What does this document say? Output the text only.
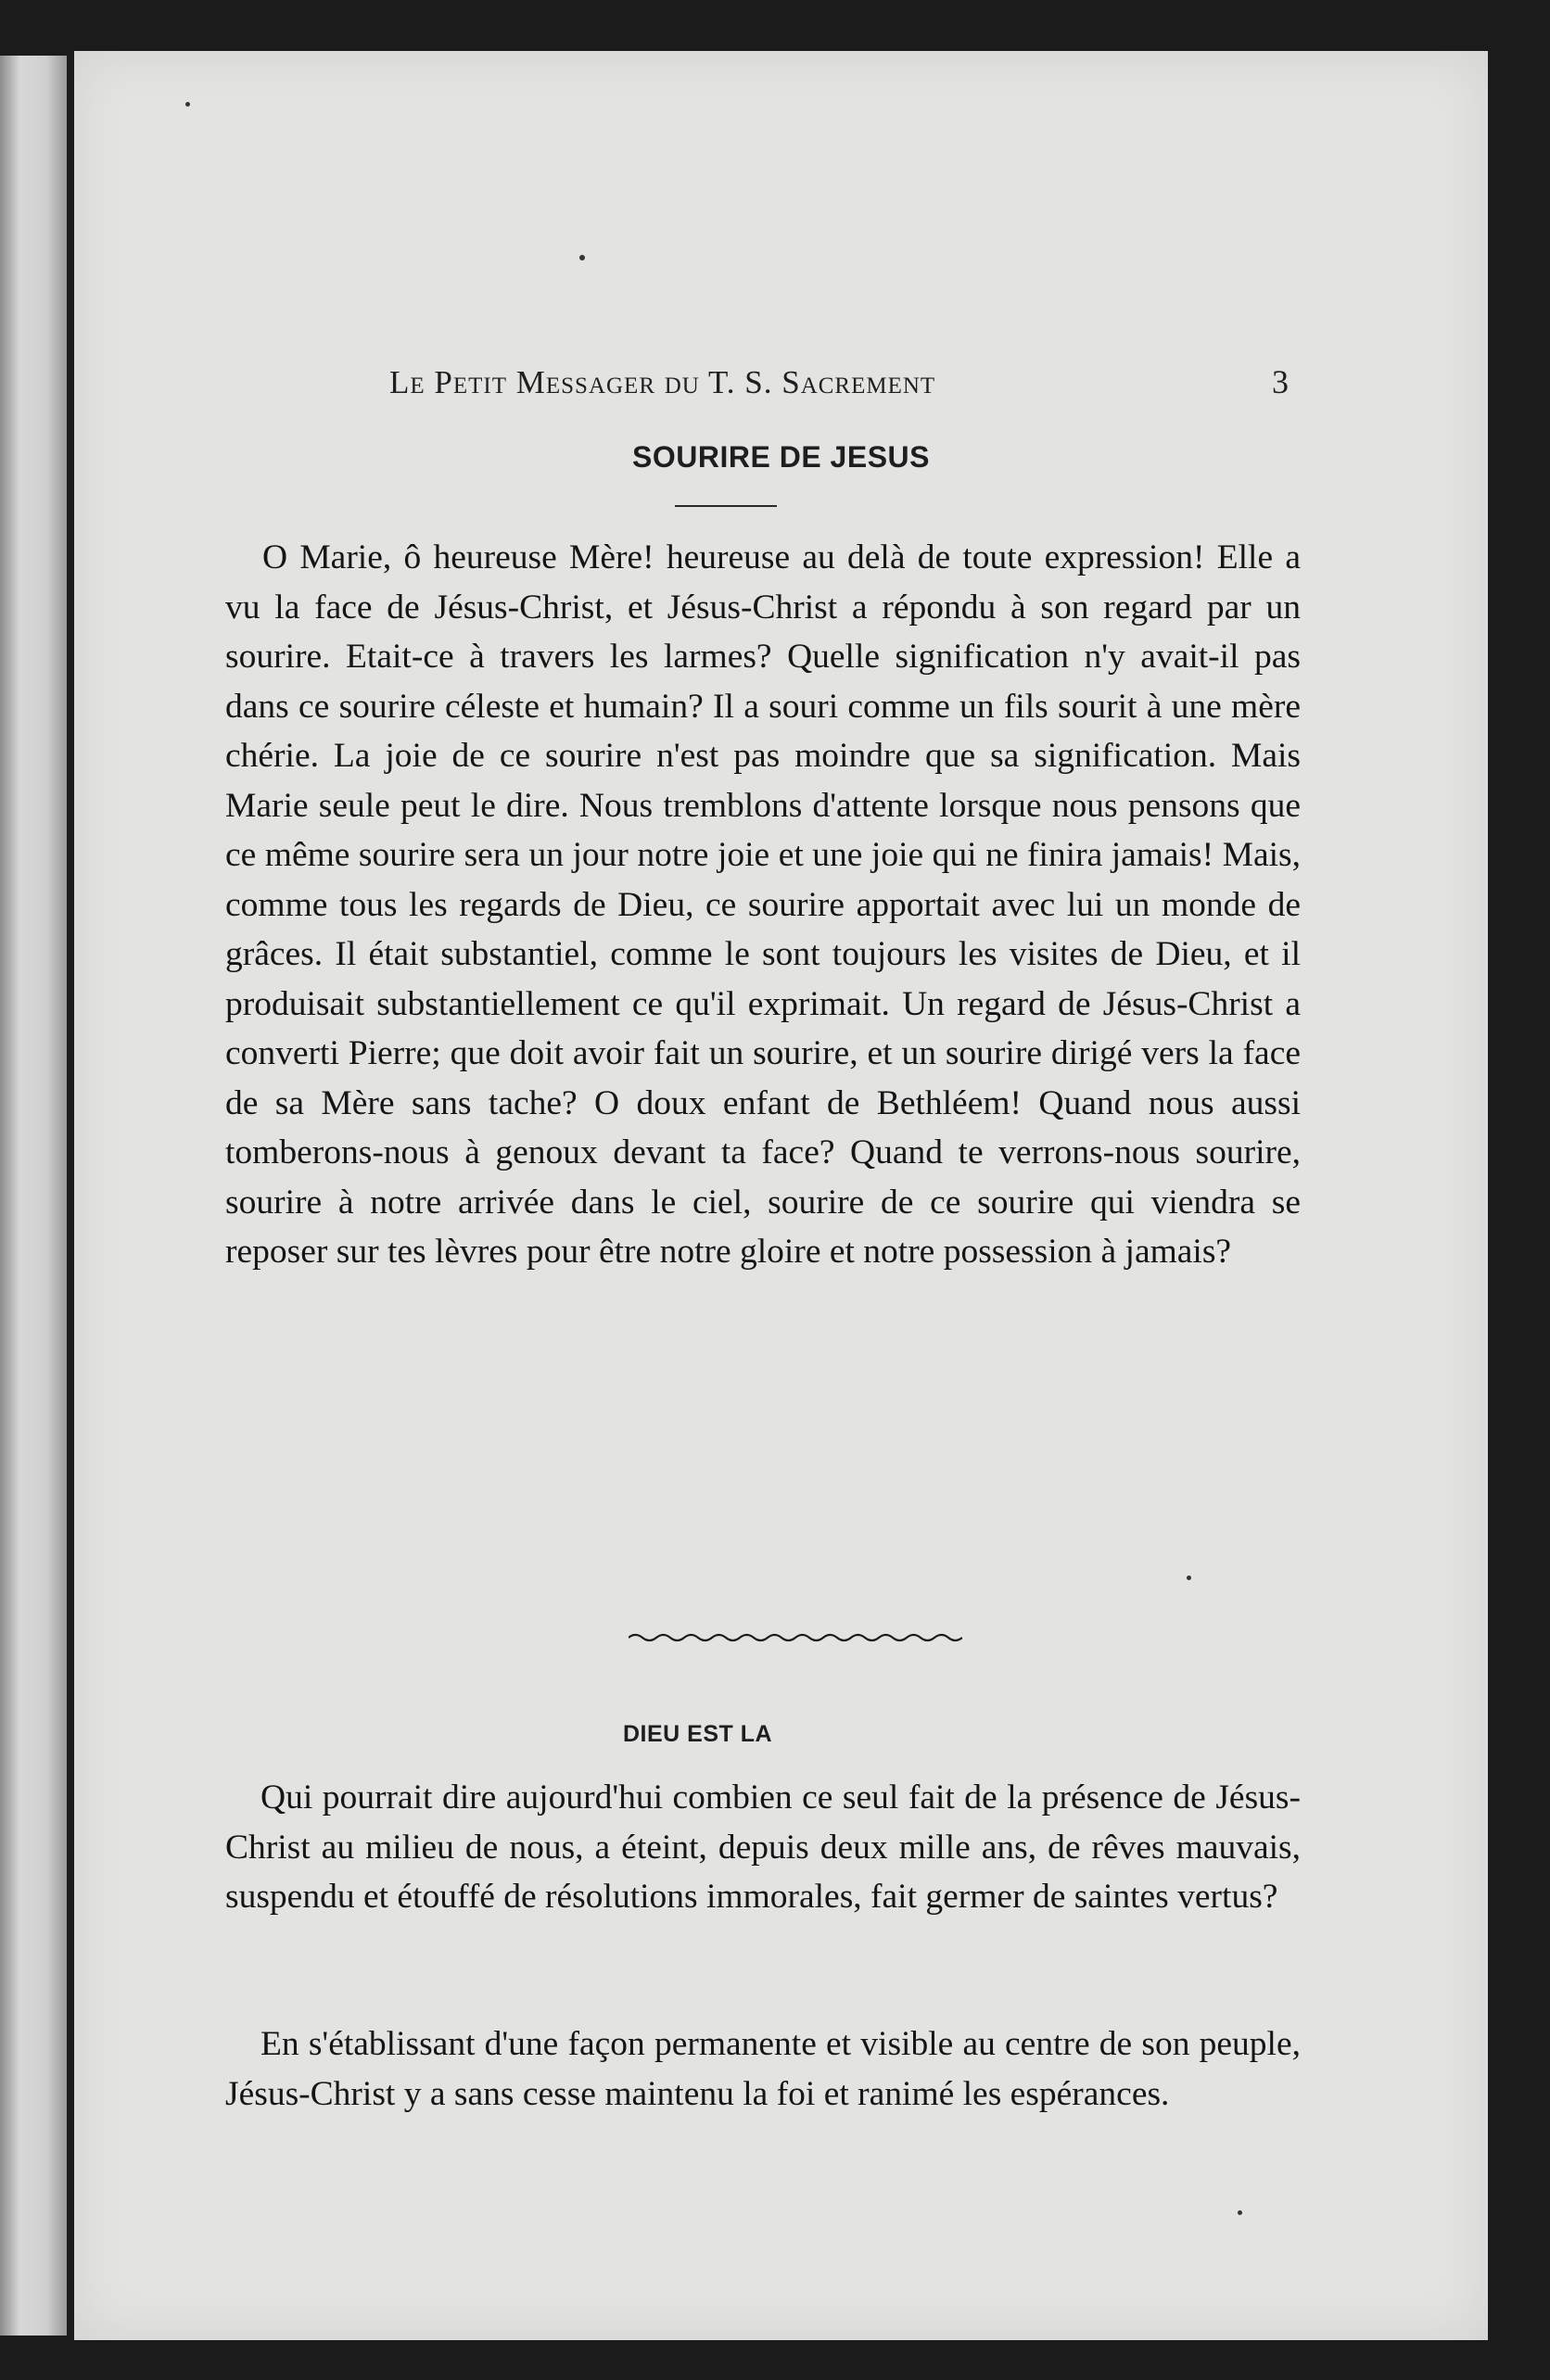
Le Petit Messager du T. S. Sacrement	3
SOURIRE DE JESUS

O Marie, ô heureuse Mère! heureuse au delà de toute expression! Elle a vu la face de Jésus-Christ, et Jésus-Christ a répondu à son regard par un sourire. Etait-ce à travers les larmes? Quelle signification n'y avait-il pas dans ce sourire céleste et humain? Il a souri comme un fils sourit à une mère chérie. La joie de ce sourire n'est pas moindre que sa signification. Mais Marie seule peut le dire. Nous tremblons d'attente lorsque nous pensons que ce même sourire sera un jour notre joie et une joie qui ne finira jamais! Mais, comme tous les regards de Dieu, ce sourire apportait avec lui un monde de grâces. Il était substantiel, comme le sont toujours les visites de Dieu, et il produisait substantiellement ce qu'il exprimait. Un regard de Jésus-Christ a converti Pierre; que doit avoir fait un sourire, et un sourire dirigé vers la face de sa Mère sans tache? O doux enfant de Bethléem! Quand nous aussi tomberons-nous à genoux devant ta face? Quand te verrons-nous sourire, sourire à notre arrivée dans le ciel, sourire de ce sourire qui viendra se reposer sur tes lèvres pour être notre gloire et notre possession à jamais?

DIEU EST LA

Qui pourrait dire aujourd'hui combien ce seul fait de la présence de Jésus-Christ au milieu de nous, a éteint, depuis deux mille ans, de rêves mauvais, suspendu et étouffé de résolutions immorales, fait germer de saintes vertus?

En s'établissant d'une façon permanente et visible au centre de son peuple, Jésus-Christ y a sans cesse maintenu la foi et ranimé les espérances.
